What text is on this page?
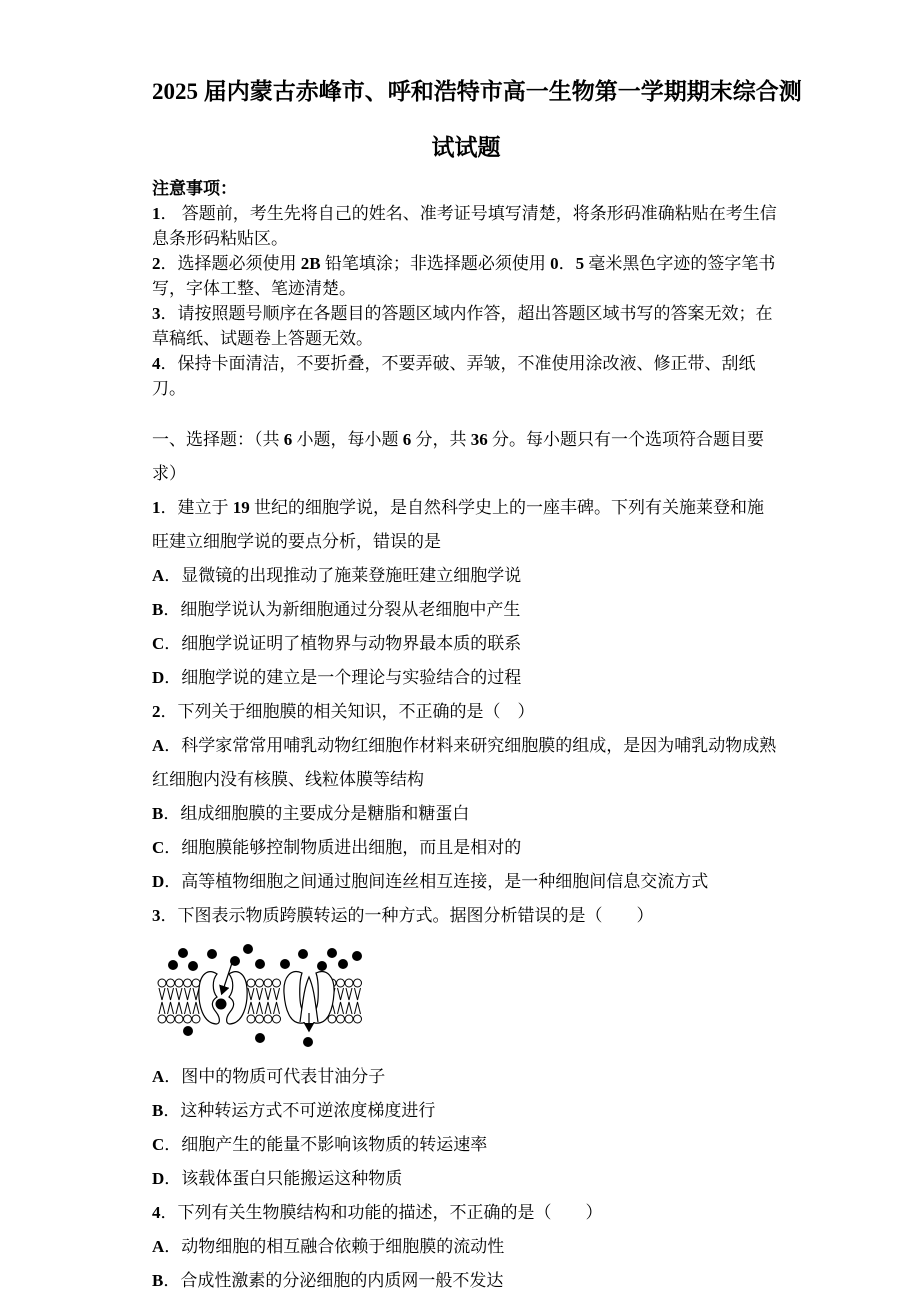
2025 届内蒙古赤峰市、呼和浩特市高一生物第一学期期末综合测
试试题
注意事项：
1． 答题前，考生先将自己的姓名、准考证号填写清楚，将条形码准确粘贴在考生信息条形码粘贴区。
2．选择题必须使用 2B 铅笔填涂；非选择题必须使用 0．5 毫米黑色字迹的签字笔书写，字体工整、笔迹清楚。
3．请按照题号顺序在各题目的答题区域内作答，超出答题区域书写的答案无效；在草稿纸、试题卷上答题无效。
4．保持卡面清洁，不要折叠，不要弄破、弄皱，不准使用涂改液、修正带、刮纸刀。
一、选择题：（共 6 小题，每小题 6 分，共 36 分。每小题只有一个选项符合题目要求）
1．建立于 19 世纪的细胞学说，是自然科学史上的一座丰碑。下列有关施莱登和施旺建立细胞学说的要点分析，错误的是
A．显微镜的出现推动了施莱登施旺建立细胞学说
B．细胞学说认为新细胞通过分裂从老细胞中产生
C．细胞学说证明了植物界与动物界最本质的联系
D．细胞学说的建立是一个理论与实验结合的过程
2．下列关于细胞膜的相关知识，不正确的是（　）
A．科学家常常用哺乳动物红细胞作材料来研究细胞膜的组成，是因为哺乳动物成熟红细胞内没有核膜、线粒体膜等结构
B．组成细胞膜的主要成分是糖脂和糖蛋白
C．细胞膜能够控制物质进出细胞，而且是相对的
D．高等植物细胞之间通过胞间连丝相互连接，是一种细胞间信息交流方式
3．下图表示物质跨膜转运的一种方式。据图分析错误的是（　　）
A．图中的物质可代表甘油分子
B．这种转运方式不可逆浓度梯度进行
C．细胞产生的能量不影响该物质的转运速率
D．该载体蛋白只能搬运这种物质
4．下列有关生物膜结构和功能的描述，不正确的是（　　）
A．动物细胞的相互融合依赖于细胞膜的流动性
B．合成性激素的分泌细胞的内质网一般不发达
